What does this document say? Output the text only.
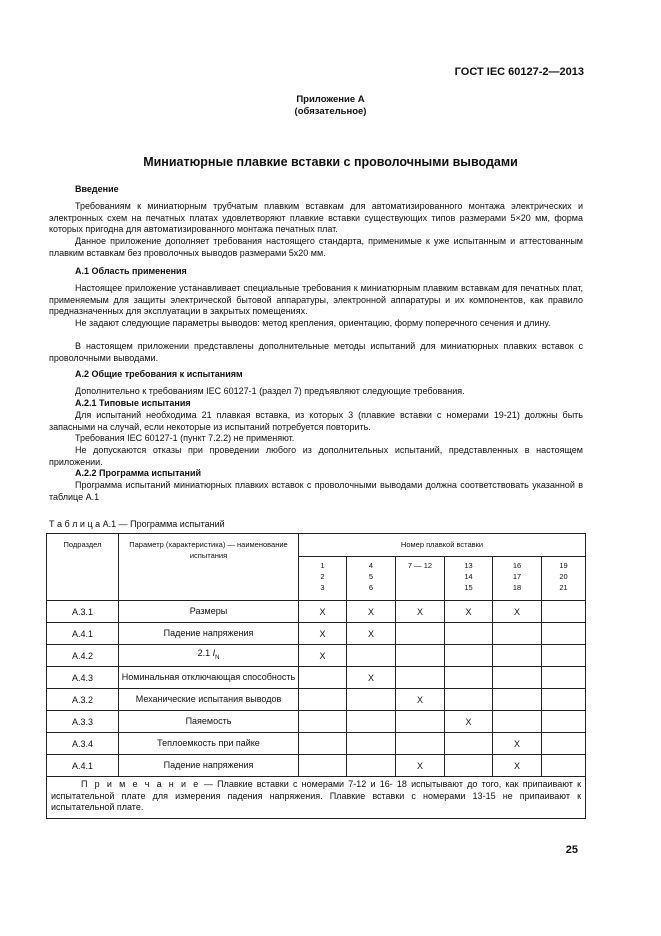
ГОСТ IEC 60127-2—2013
Приложение А
(обязательное)
Миниатюрные плавкие вставки с проволочными выводами
Введение

Требованиям к миниатюрным трубчатым плавким вставкам для автоматизированного монтажа электрических и электронных схем на печатных платах удовлетворяют плавкие вставки существующих типов размерами 5×20 мм, форма которых пригодна для автоматизированного монтажа печатных плат.

Данное приложение дополняет требования настоящего стандарта, применимые к уже испытанным и аттестованным плавким вставкам без проволочных выводов размерами 5х20 мм.

А.1 Область применения

Настоящее приложение устанавливает специальные требования к миниатюрным плавким вставкам для печатных плат, применяемым для защиты электрической бытовой аппаратуры, электронной аппаратуры и их компонентов, как правило предназначенных для эксплуатации в закрытых помещениях.

Не задают следующие параметры выводов: метод крепления, ориентацию, форму поперечного сечения и длину.

В настоящем приложении представлены дополнительные методы испытаний для миниатюрных плавких вставок с проволочными выводами.

А.2 Общие требования к испытаниям

Дополнительно к требованиям IEC 60127-1 (раздел 7) предъявляют следующие требования.

А.2.1 Типовые испытания

Для испытаний необходима 21 плавкая вставка, из которых 3 (плавкие вставки с номерами 19-21) должны быть запасными на случай, если некоторые из испытаний потребуется повторить.

Требования IEC 60127-1 (пункт 7.2.2) не применяют.

Не допускаются отказы при проведении любого из дополнительных испытаний, представленных в настоящем приложении.

А.2.2 Программа испытаний

Программа испытаний миниатюрных плавких вставок с проволочными выводами должна соответствовать указанной в таблице А.1

Т а б л и ц а А.1 — Программа испытаний
Подраздел	Параметр (характеристика) — наименование испытания	Номер плавкой вставки					
		1
2
3	4
5
6	7 — 12	13
14
15	16
17
18	19
20
21
А.3.1	Размеры	X	X	X	X	X	
А.4.1	Падение напряжения	X	X				
А.4.2	2.1 $I_N$	X					
А.4.3	Номинальная отключающая способность		X				
А.3.2	Механические испытания выводов			X			
А.3.3	Паяемость				X		
А.3.4	Теплоемкость при пайке					X	
А.4.1	Падение напряжения			X		X	
П р и м е ч а н и е — Плавкие вставки с номерами 7-12 и 16- 18 испытывают до того, как припаивают к испытательной плате для измерения падения напряжения. Плавкие вставки с номерами 13-15 не припаивают к испытательной плате.							
25
